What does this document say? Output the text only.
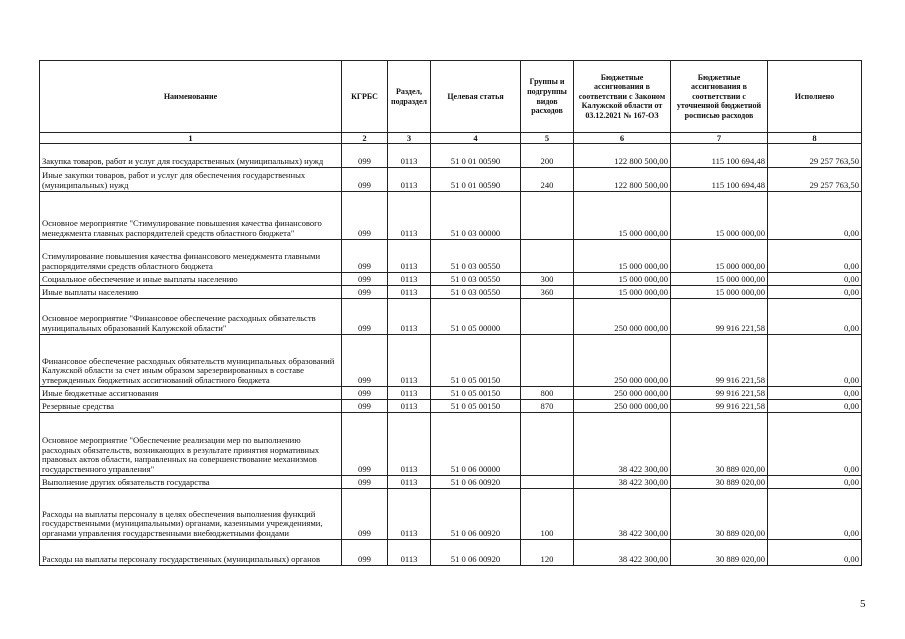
Наименование	КГРБС	Раздел, подраздел	Целевая статья	Группы и подгруппы видов расходов	Бюджетные ассигнования в соответствии с Законом Калужской области от 03.12.2021 № 167-ОЗ	Бюджетные ассигнования в соответствии с уточненной бюджетной росписью расходов	Исполнено
1	2	3	4	5	6	7	8
Закупка товаров, работ и услуг для государственных (муниципальных) нужд	099	0113	51 0 01 00590	200	122 800 500,00	115 100 694,48	29 257 763,50
Иные закупки товаров, работ и услуг для обеспечения государственных (муниципальных) нужд	099	0113	51 0 01 00590	240	122 800 500,00	115 100 694,48	29 257 763,50
Основное мероприятие "Стимулирование повышения качества финансового менеджмента главных распорядителей средств областного бюджета"	099	0113	51 0 03 00000		15 000 000,00	15 000 000,00	0,00
Стимулирование повышения качества финансового менеджмента главными распорядителями средств областного бюджета	099	0113	51 0 03 00550		15 000 000,00	15 000 000,00	0,00
Социальное обеспечение и иные выплаты населению	099	0113	51 0 03 00550	300	15 000 000,00	15 000 000,00	0,00
Иные выплаты населению	099	0113	51 0 03 00550	360	15 000 000,00	15 000 000,00	0,00
Основное мероприятие "Финансовое обеспечение расходных обязательств муниципальных образований Калужской области"	099	0113	51 0 05 00000		250 000 000,00	99 916 221,58	0,00
Финансовое обеспечение расходных обязательств муниципальных образований Калужской области за счет иным образом зарезервированных в составе утвержденных бюджетных ассигнований областного бюджета	099	0113	51 0 05 00150		250 000 000,00	99 916 221,58	0,00
Иные бюджетные ассигнования	099	0113	51 0 05 00150	800	250 000 000,00	99 916 221,58	0,00
Резервные средства	099	0113	51 0 05 00150	870	250 000 000,00	99 916 221,58	0,00
Основное мероприятие "Обеспечение реализации мер по выполнению расходных обязательств, возникающих в результате принятия нормативных правовых актов области, направленных на совершенствование механизмов государственного управления"	099	0113	51 0 06 00000		38 422 300,00	30 889 020,00	0,00
Выполнение других обязательств государства	099	0113	51 0 06 00920		38 422 300,00	30 889 020,00	0,00
Расходы на выплаты персоналу в целях обеспечения выполнения функций государственными (муниципальными) органами, казенными учреждениями, органами управления государственными внебюджетными фондами	099	0113	51 0 06 00920	100	38 422 300,00	30 889 020,00	0,00
Расходы на выплаты персоналу государственных (муниципальных) органов	099	0113	51 0 06 00920	120	38 422 300,00	30 889 020,00	0,00
5
